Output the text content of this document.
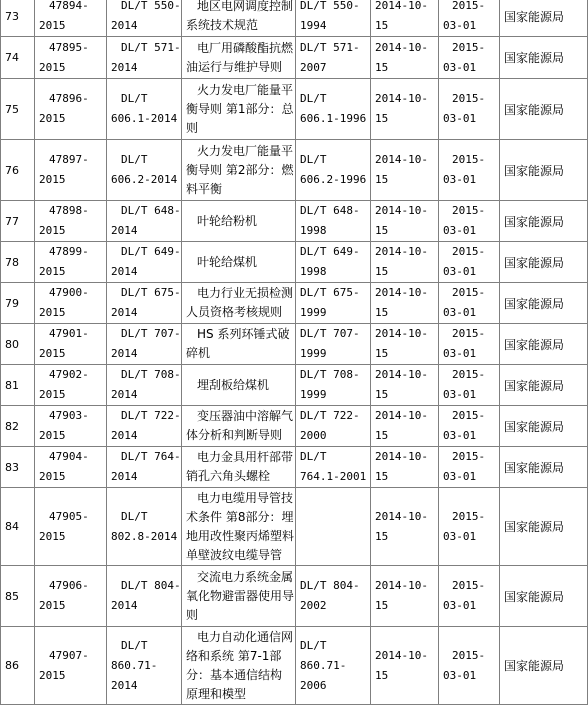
73	47894-2015	DL/T 550-2014	地区电网调度控制系统技术规范	DL/T 550-1994	2014-10-15	2015-03-01	国家能源局

74	47895-2015	DL/T 571-2014	电厂用磷酸酯抗燃油运行与维护导则	DL/T 571-2007	2014-10-15	2015-03-01	国家能源局

75	47896-2015	DL/T 606.1-2014	火力发电厂能量平衡导则 第1部分：总则	DL/T 606.1-1996	2014-10-15	2015-03-01	国家能源局

76	47897-2015	DL/T 606.2-2014	火力发电厂能量平衡导则 第2部分：燃料平衡	DL/T 606.2-1996	2014-10-15	2015-03-01	国家能源局

77	47898-2015	DL/T 648-2014	叶轮给粉机	DL/T 648-1998	2014-10-15	2015-03-01	国家能源局

78	47899-2015	DL/T 649-2014	叶轮给煤机	DL/T 649-1998	2014-10-15	2015-03-01	国家能源局

79	47900-2015	DL/T 675-2014	电力行业无损检测人员资格考核规则	DL/T 675-1999	2014-10-15	2015-03-01	国家能源局

80	47901-2015	DL/T 707-2014	HS 系列环锤式破碎机	DL/T 707-1999	2014-10-15	2015-03-01	国家能源局

81	47902-2015	DL/T 708-2014	埋刮板给煤机	DL/T 708-1999	2014-10-15	2015-03-01	国家能源局

82	47903-2015	DL/T 722-2014	变压器油中溶解气体分析和判断导则	DL/T 722-2000	2014-10-15	2015-03-01	国家能源局

83	47904-2015	DL/T 764-2014	电力金具用杆部带销孔六角头螺栓	DL/T 764.1-2001	2014-10-15	2015-03-01	国家能源局

84	47905-2015	DL/T 802.8-2014	电力电缆用导管技术条件 第8部分：埋地用改性聚丙烯塑料单壁波纹电缆导管		2014-10-15	2015-03-01	国家能源局

85	47906-2015	DL/T 804-2014	交流电力系统金属氧化物避雷器使用导则	DL/T 804-2002	2014-10-15	2015-03-01	国家能源局

86	47907-2015	DL/T 860.71-2014	电力自动化通信网络和系统 第7-1部分：基本通信结构 原理和模型	DL/T 860.71-2006	2014-10-15	2015-03-01	国家能源局
